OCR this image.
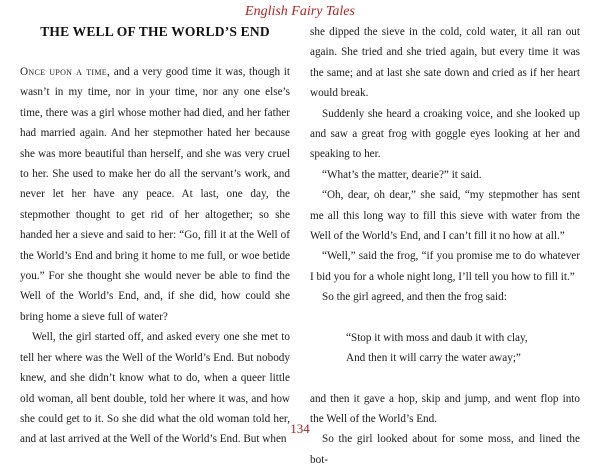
English Fairy Tales
THE WELL OF THE WORLD’S END

Once upon a time, and a very good time it was, though it wasn’t in my time, nor in your time, nor any one else’s time, there was a girl whose mother had died, and her father had married again. And her stepmother hated her because she was more beautiful than herself, and she was very cruel to her. She used to make her do all the servant’s work, and never let her have any peace. At last, one day, the stepmother thought to get rid of her altogether; so she handed her a sieve and said to her: “Go, fill it at the Well of the World’s End and bring it home to me full, or woe betide you.” For she thought she would never be able to find the Well of the World’s End, and, if she did, how could she bring home a sieve full of water?

Well, the girl started off, and asked every one she met to tell her where was the Well of the World’s End. But nobody knew, and she didn’t know what to do, when a queer little old woman, all bent double, told her where it was, and how she could get to it. So she did what the old woman told her, and at last arrived at the Well of the World’s End. But when

she dipped the sieve in the cold, cold water, it all ran out again. She tried and she tried again, but every time it was the same; and at last she sate down and cried as if her heart would break.

Suddenly she heard a croaking voice, and she looked up and saw a great frog with goggle eyes looking at her and speaking to her.

“What’s the matter, dearie?” it said.

“Oh, dear, oh dear,” she said, “my stepmother has sent me all this long way to fill this sieve with water from the Well of the World’s End, and I can’t fill it no how at all.”

“Well,” said the frog, “if you promise me to do whatever I bid you for a whole night long, I’ll tell you how to fill it.”

So the girl agreed, and then the frog said:

“Stop it with moss and daub it with clay,
And then it will carry the water away;”

and then it gave a hop, skip and jump, and went flop into the Well of the World’s End.

So the girl looked about for some moss, and lined the bot-

134
